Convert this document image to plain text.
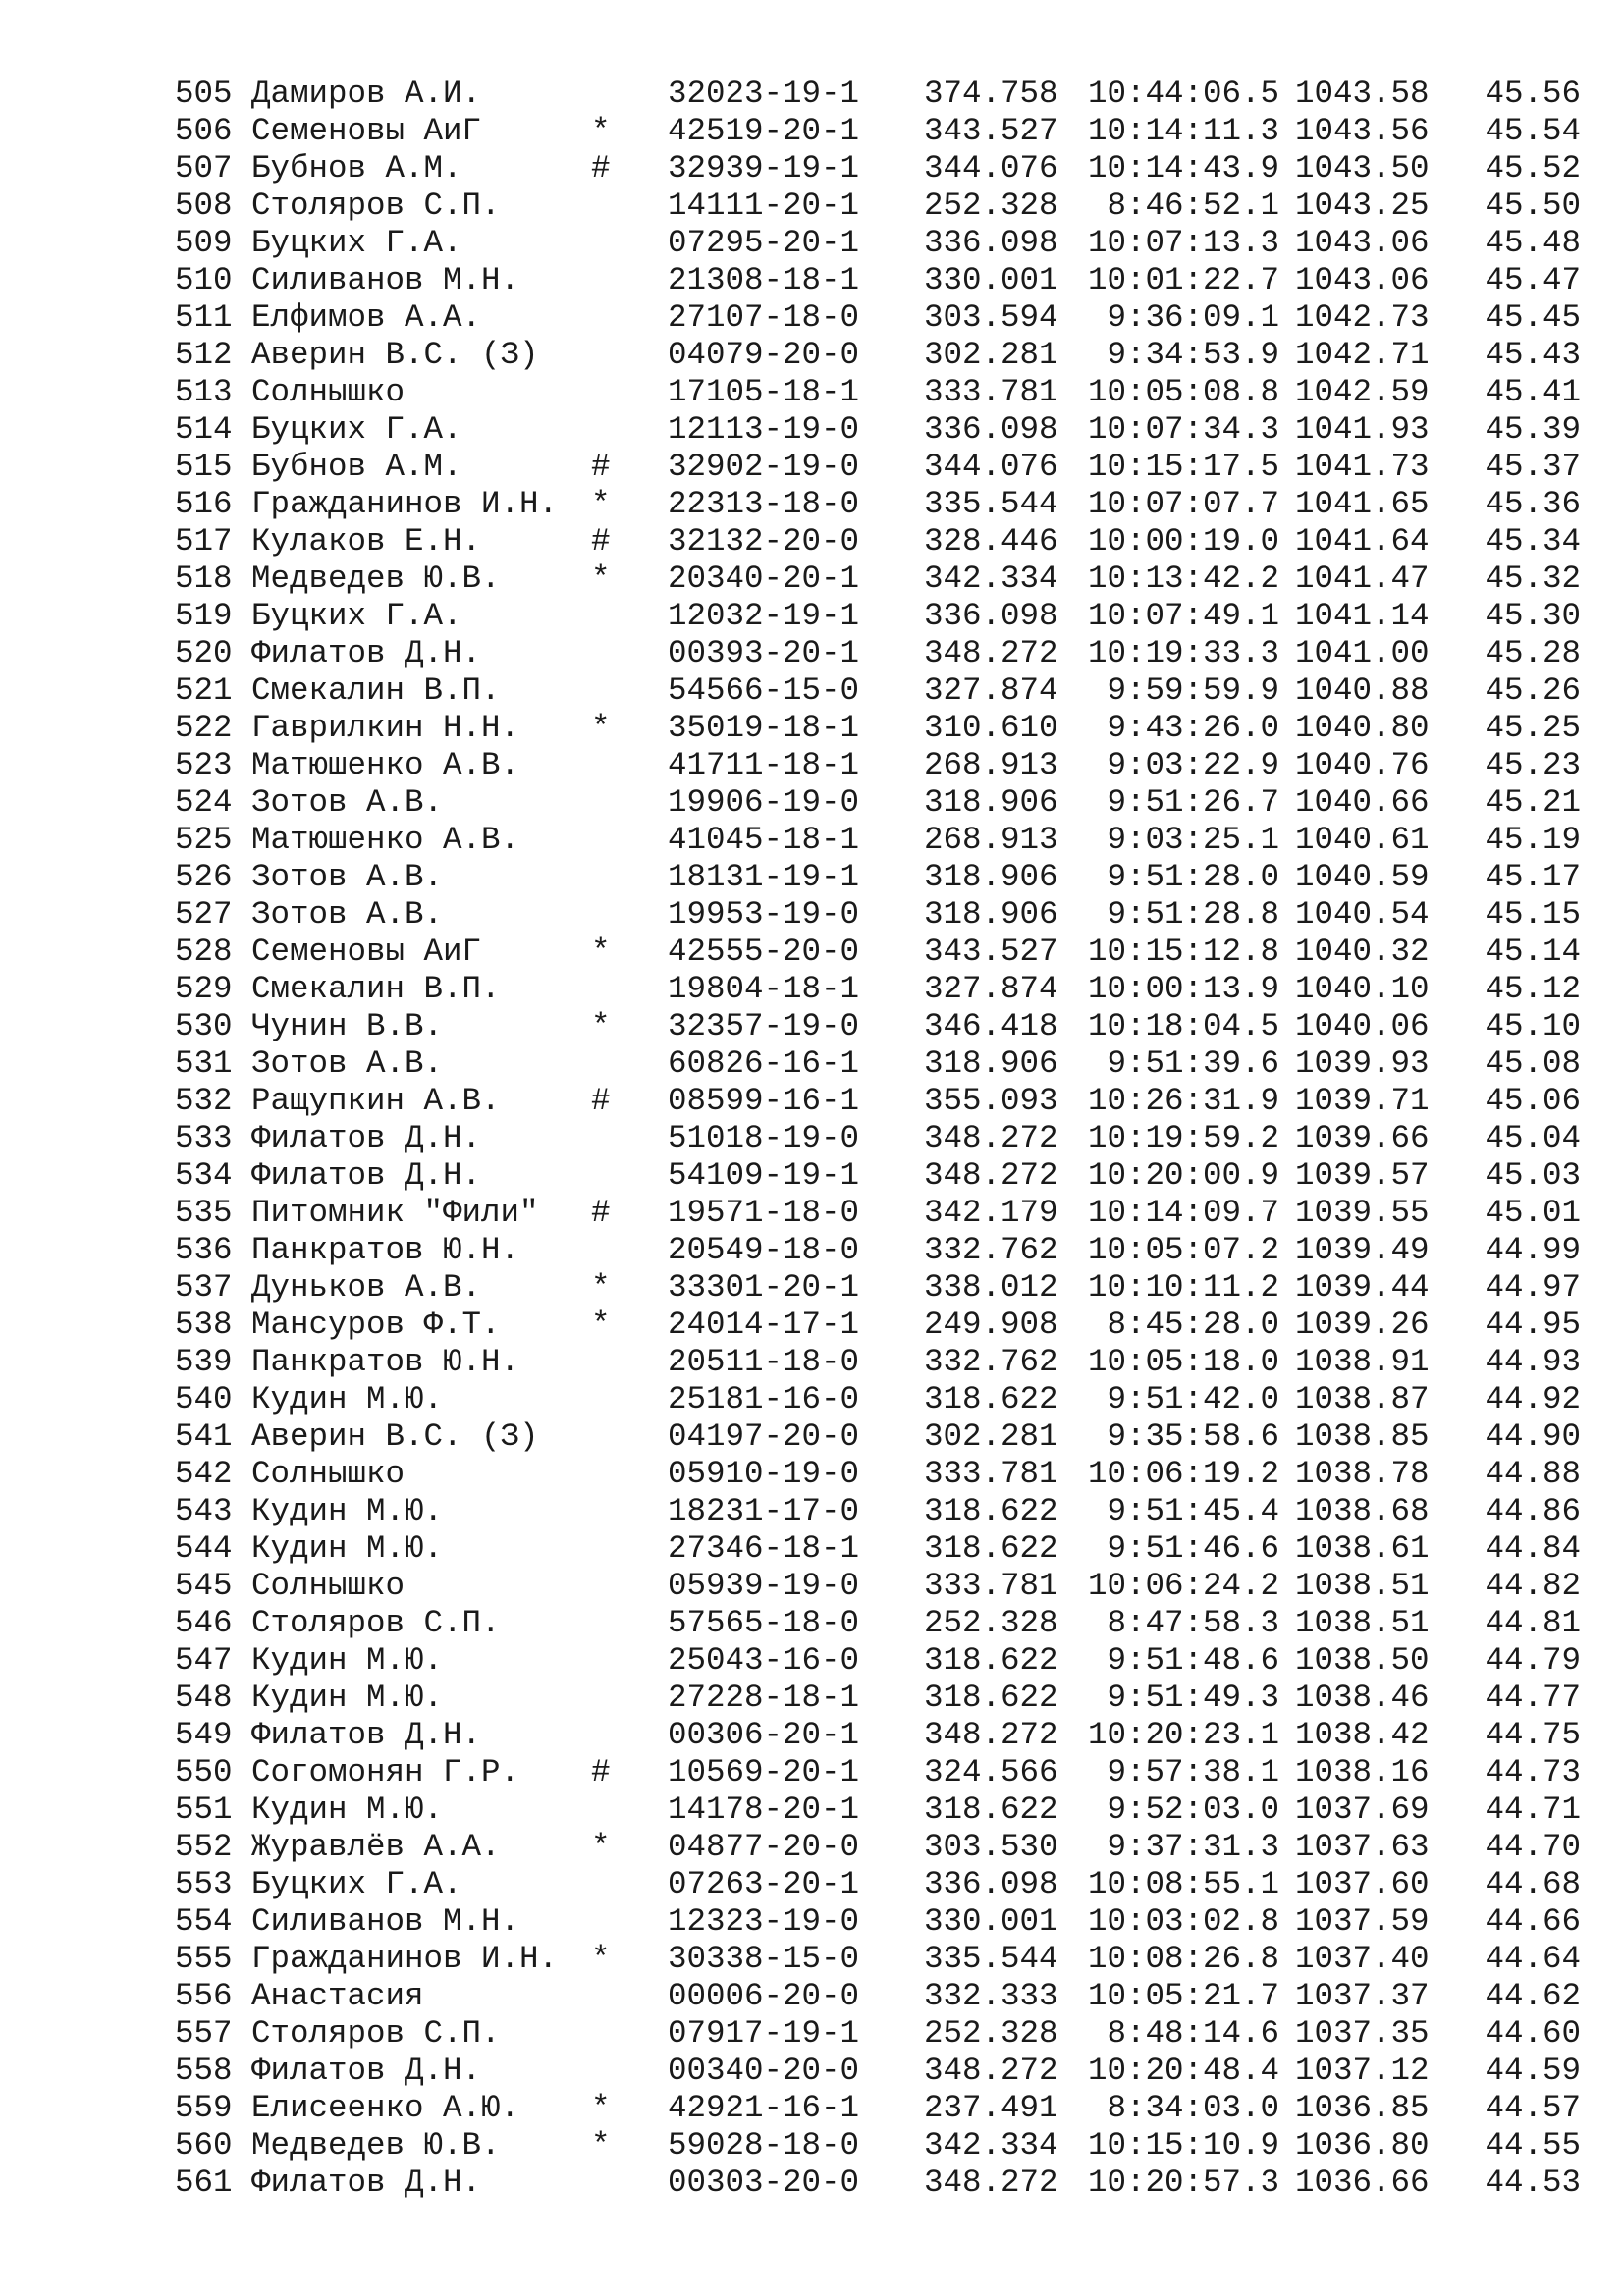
505 Дамиров А.И.	32023-19-1 374.758 10:44:06.5 1043.58 45.56
506 Семеновы АиГ	* 42519-20-1 343.527 10:14:11.3 1043.56 45.54
507 Бубнов А.М.	# 32939-19-1 344.076 10:14:43.9 1043.50 45.52
508 Столяров С.П.	14111-20-1 252.328	8:46:52.1 1043.25 45.50
509 Буцких Г.А.	07295-20-1 336.098 10:07:13.3 1043.06 45.48
510 Силиванов М.Н.	21308-18-1 330.001 10:01:22.7 1043.06 45.47
511 Елфимов А.А.	27107-18-0 303.594	9:36:09.1 1042.73 45.45
512 Аверин В.С. (З)	04079-20-0 302.281	9:34:53.9 1042.71 45.43
513 Солнышко	17105-18-1 333.781 10:05:08.8 1042.59 45.41
514 Буцких Г.А.	12113-19-0 336.098 10:07:34.3 1041.93 45.39
515 Бубнов А.М.	# 32902-19-0 344.076 10:15:17.5 1041.73 45.37
516 Гражданинов И.Н. * 22313-18-0 335.544 10:07:07.7 1041.65 45.36
517 Кулаков Е.Н.	# 32132-20-0 328.446 10:00:19.0 1041.64 45.34
518 Медведев Ю.В.	* 20340-20-1 342.334 10:13:42.2 1041.47 45.32
519 Буцких Г.А.	12032-19-1 336.098 10:07:49.1 1041.14 45.30
520 Филатов Д.Н.	00393-20-1 348.272 10:19:33.3 1041.00 45.28
521 Смекалин В.П.	54566-15-0 327.874	9:59:59.9 1040.88 45.26
522 Гаврилкин Н.Н. * 35019-18-1 310.610	9:43:26.0 1040.80 45.25
523 Матюшенко А.В.	41711-18-1 268.913	9:03:22.9 1040.76 45.23
524 Зотов А.В.	19906-19-0 318.906	9:51:26.7 1040.66 45.21
525 Матюшенко А.В.	41045-18-1 268.913	9:03:25.1 1040.61 45.19
526 Зотов А.В.	18131-19-1 318.906	9:51:28.0 1040.59 45.17
527 Зотов А.В.	19953-19-0 318.906	9:51:28.8 1040.54 45.15
528 Семеновы АиГ	* 42555-20-0 343.527 10:15:12.8 1040.32 45.14
529 Смекалин В.П.	19804-18-1 327.874 10:00:13.9 1040.10 45.12
530 Чунин В.В.	* 32357-19-0 346.418 10:18:04.5 1040.06 45.10
531 Зотов А.В.	60826-16-1 318.906	9:51:39.6 1039.93 45.08
532 Ращупкин А.В.	# 08599-16-1 355.093 10:26:31.9 1039.71 45.06
533 Филатов Д.Н.	51018-19-0 348.272 10:19:59.2 1039.66 45.04
534 Филатов Д.Н.	54109-19-1 348.272 10:20:00.9 1039.57 45.03
535 Питомник "Фили" # 19571-18-0 342.179 10:14:09.7 1039.55 45.01
536 Панкратов Ю.Н.	20549-18-0 332.762 10:05:07.2 1039.49 44.99
537 Дуньков А.В.	* 33301-20-1 338.012 10:10:11.2 1039.44 44.97
538 Мансуров Ф.Т.	* 24014-17-1 249.908	8:45:28.0 1039.26 44.95
539 Панкратов Ю.Н.	20511-18-0 332.762 10:05:18.0 1038.91 44.93
540 Кудин М.Ю.	25181-16-0 318.622	9:51:42.0 1038.87 44.92
541 Аверин В.С. (З)	04197-20-0 302.281	9:35:58.6 1038.85 44.90
542 Солнышко	05910-19-0 333.781 10:06:19.2 1038.78 44.88
543 Кудин М.Ю.	18231-17-0 318.622	9:51:45.4 1038.68 44.86
544 Кудин М.Ю.	27346-18-1 318.622	9:51:46.6 1038.61 44.84
545 Солнышко	05939-19-0 333.781 10:06:24.2 1038.51 44.82
546 Столяров С.П.	57565-18-0 252.328	8:47:58.3 1038.51 44.81
547 Кудин М.Ю.	25043-16-0 318.622	9:51:48.6 1038.50 44.79
548 Кудин М.Ю.	27228-18-1 318.622	9:51:49.3 1038.46 44.77
549 Филатов Д.Н.	00306-20-1 348.272 10:20:23.1 1038.42 44.75
550 Согомонян Г.Р. # 10569-20-1 324.566	9:57:38.1 1038.16 44.73
551 Кудин М.Ю.	14178-20-1 318.622	9:52:03.0 1037.69 44.71
552 Журавлёв А.А.	* 04877-20-0 303.530	9:37:31.3 1037.63 44.70
553 Буцких Г.А.	07263-20-1 336.098 10:08:55.1 1037.60 44.68
554 Силиванов М.Н.	12323-19-0 330.001 10:03:02.8 1037.59 44.66
555 Гражданинов И.Н. * 30338-15-0 335.544 10:08:26.8 1037.40 44.64
556 Анастасия	00006-20-0 332.333 10:05:21.7 1037.37 44.62
557 Столяров С.П.	07917-19-1 252.328	8:48:14.6 1037.35 44.60
558 Филатов Д.Н.	00340-20-0 348.272 10:20:48.4 1037.12 44.59
559 Елисеенко А.Ю. * 42921-16-1 237.491	8:34:03.0 1036.85 44.57
560 Медведев Ю.В.	* 59028-18-0 342.334 10:15:10.9 1036.80 44.55
561 Филатов Д.Н.	00303-20-0 348.272 10:20:57.3 1036.66 44.53
